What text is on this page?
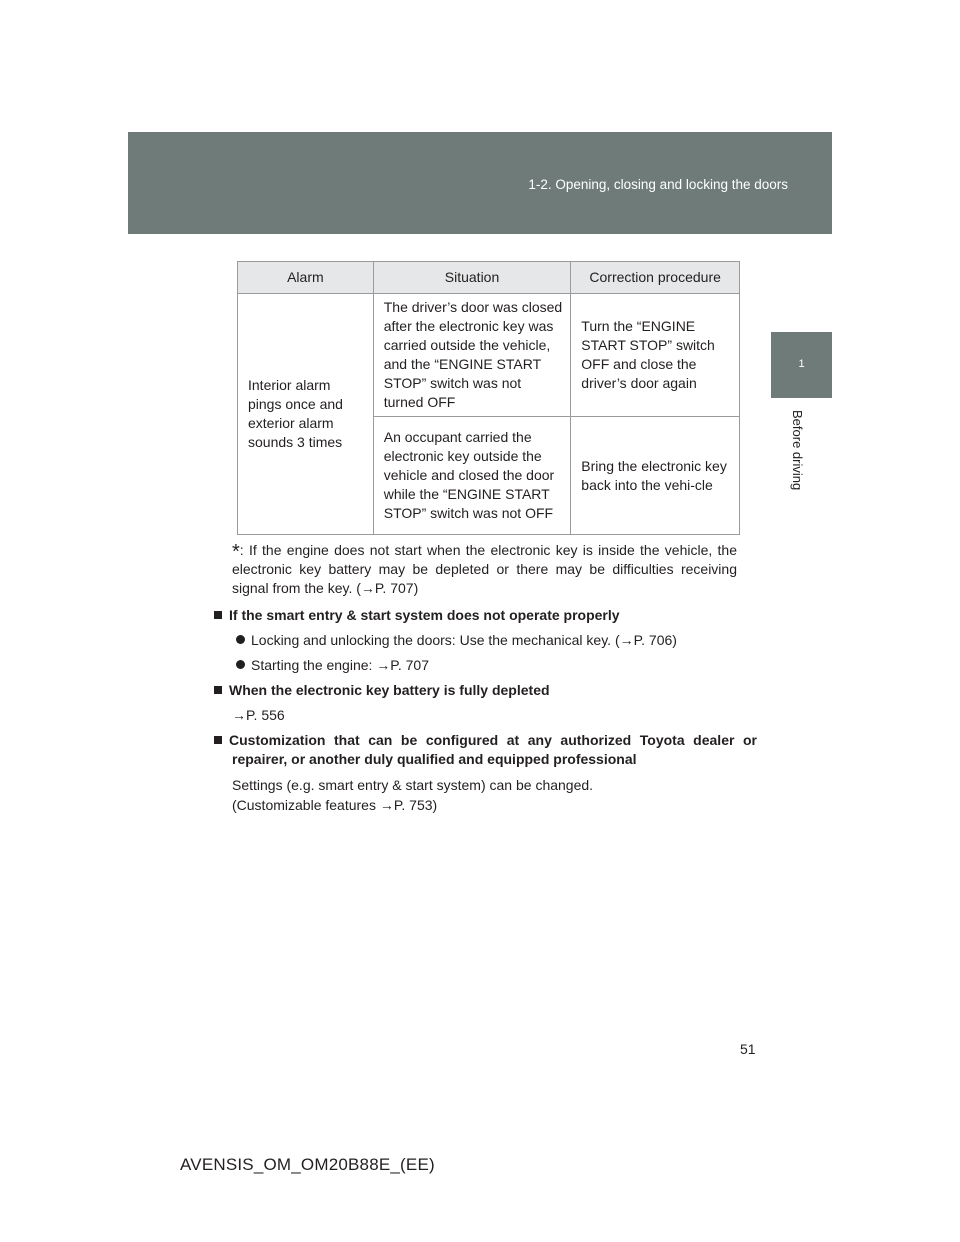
1-2. Opening, closing and locking the doors
1
Before driving
Alarm	Situation	Correction procedure
Interior alarm pings once and exterior alarm sounds 3 times	The driver’s door was closed after the electronic key was carried outside the vehicle, and the “ENGINE START STOP” switch was not turned OFF	Turn the “ENGINE START STOP” switch OFF and close the driver’s door again
	An occupant carried the electronic key outside the vehicle and closed the door while the “ENGINE START STOP” switch was not OFF	Bring the electronic key back into the vehi-cle
*: If the engine does not start when the electronic key is inside the vehicle, the electronic key battery may be depleted or there may be difficulties receiving signal from the key. (→P. 707)
If the smart entry & start system does not operate properly
Locking and unlocking the doors: Use the mechanical key. (→P. 706)
Starting the engine: →P. 707
When the electronic key battery is fully depleted
→P. 556
Customization that can be configured at any authorized Toyota dealer or repairer, or another duly qualified and equipped professional
Settings (e.g. smart entry & start system) can be changed.
(Customizable features →P. 753)
51
AVENSIS_OM_OM20B88E_(EE)
